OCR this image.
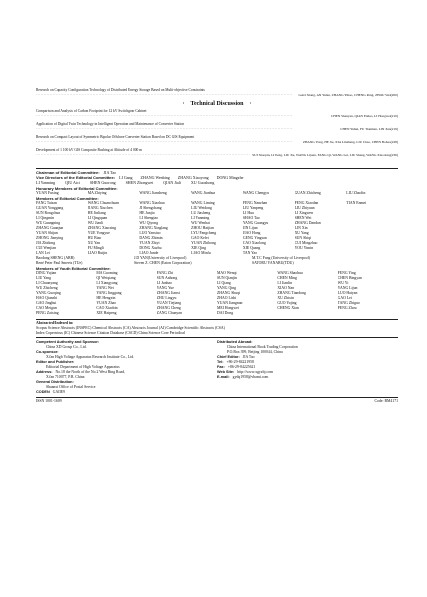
Research on Capacity Configuration Technology of Distributed Energy Storage Based on Multi-objective Constraints

·····
GAO Xiang, AN Yulan, ZHANG Yihao, CHENG Peng, ZHOU Wei(200)
· Technical Discussion ·

Comparison and Analysis of Carbon Footprint for 12 kV Switchgear Cabinet

·····
CHEN Shenyan, QIAN Enhao, LI Hongwei(210)

Application of Digital Twin Technology in Intelligent Operation and Maintenance of Converter Station

·····
CHEN Yuhui, FU Tianmen, LIN Jian(219)

Research on Compact Layout of Symmetric Bipolar Offshore Converter Station Based on DC GIS Equipment

·····
ZHANG Yong, HE Jie, XIA Linzheng, LIU Chao, CHEN Bohao(228)

Development of 1 100 kV GIS Composite Bushing at Altitude of 4 000 m

·····
SUI Xiaopin, LI Peng, LIU Xu, WANG Lijuan, FANG Qi, WANG Lei, LIU Sheng, WANG Xiaodong(236)
Chairman of Editorial Committee:	JIA Tao
Vice Directors of the Editorial Committee:	LI Gang ZHANG Wenbing ZHANG Xiaoyong DONG Mingzhe
LI Yanming	QIU Aici	SHEN Guorong	SHEN Zhongwei	QIAN Jiali	XU Guozhong
Honorary Members of Editorial Committee:
YUAN Fuxing	MA Zhiying	WANG Jiansheng	WANG Jianhua	WANG Chengyu	GUAN Zhicheng	LIU Zhaolin
Members of Editorial Committee:
FANG Taisan	WANG Chuanchuan	WANG Xiaohua	WANG Liming	FENG Nanzhan	FENG Xiaodan	TIAN Enmei
GUAN Yonggang	JIANG Xiuchen	JI Shengchang	LIU Weidong	LIU Yanpeng	LIU Zhiyuan
SUN Rongchun	HE Jinliang	HE Junjia	LU Jiasheng	LI Hua	LI Xingwen
LI Qingmin	LI Qingquan	LI Shengtao	LI Yanming	SHAO Tao	SHEN Wei
WU Guangning	WU Jianli	WU Qiyong	WU Wenhai	YANG Guangyu	ZHANG Dandan
ZHANG Guanjun	ZHANG Xiaoxing	ZHANG Xinglang	ZHOU Haijian	JIN Lijun	LIN Xin
YUAN Shijun	YUE Yongyue	LUO Yanxiao	LYU Fangcheng	JIAO Hong	XU Yang
ZHONG Jianying	HU Biao	DANG Zhimin	GAO Kefei	GENG Yingsan	SUN Shiqi
JIA Zhidong	XU Yan	YUAN Zhiyi	YUAN Zhihong	CAO Xiaolong	CUI Mingzhao
CUI Wenjian	FU Mingli	DONG Xuzhu	XIE Qing	XIE Quang	YOU Yimin
LAN Lei	LIAO Ruijin	LIAO Junde	LIAO Minfu	TAN Yao
Baodang SHENG (ABB)	J.D YAN(University of Liverpool)	M.T.C Fang (University of Liverpool)
René Peter Paul Smeets (TUe)	Steven Z. CHEN (Eaton Corporation)	SATORU YANABU(TDU)
Members of Youth Editorial Committee:
DING Yujian	MA Guoming	FANG Zhi	MAO Wenqi	WANG Shaohua	FENG Ying
LIU Yang	QI Weiqiang	SUN Anhong	SUN Qianjin	CHEN Ming	CHEN Bingyan
LI Chuanyang	LI Xiangyang	LI Junhao	LI Qiang	LI Jianlin	WU Yi
WU Zhicheng	YANG Wei	YANG Yue	YANG Qing	XIAO Nan	YANG Lijun
YANG Guoqing	YANG Jinggang	ZHANG Jianxi	ZHANG Shuqi	ZHANG Tiandong	LUO Haiyan
HAO Qianzhi	HE Hengxin	ZHU Lingyu	ZHAO Lishi	XU Zhixin	GAO Lei
GAO Jinghui	YUAN Zhao	YUAN Tiejiang	YUAN Jiangnan	GUO Yujing	TANG Zhiguo
CAO Meigun	CAO Xiaobin	ZHANG Cheng	MEI Hongwei	CHENG Xian	PENG Zhou
PENG Zaixing	XIE Haipeng	ZANG Chunyan	DAI Dong
Abstracted/Indexed in:
Scopus Science Abstracts (INSPEC) Chemical Abstracts (CA) Abstracts Journal (AJ) Cambridge Scientific Abstracts (CSA)
Index Copernicus (IC) Chinese Science Citation Database (CSCD) China Science Core Periodical
Competent Authority and Sponsor:
China XD Group Co., Ltd.
Co-sponsor:
Xi'an High Voltage Apparatus Research Institute Co., Ltd.
Editor and Publisher:
Editorial Department of High Voltage Apparatus
Address: No.18 the North of the No.2 West Ring Road,
Xi'an 710077, P.R. China
General Distribution:
Shaanxi Office of Postal Service
CODEN GAIIE9
Distributed Abroad:
China International Book Trading Corporation
P.O.Box 399, Beijing 100044, China
Chief Editor: JIA Tao
Tel: +86-29-84221958
Fax: +86-29-84225621
Web Site: http://www.xgyzbj.com
E-mail: gydq1958@vhami.com
ISSN 1001-1609	Code: BM4171
